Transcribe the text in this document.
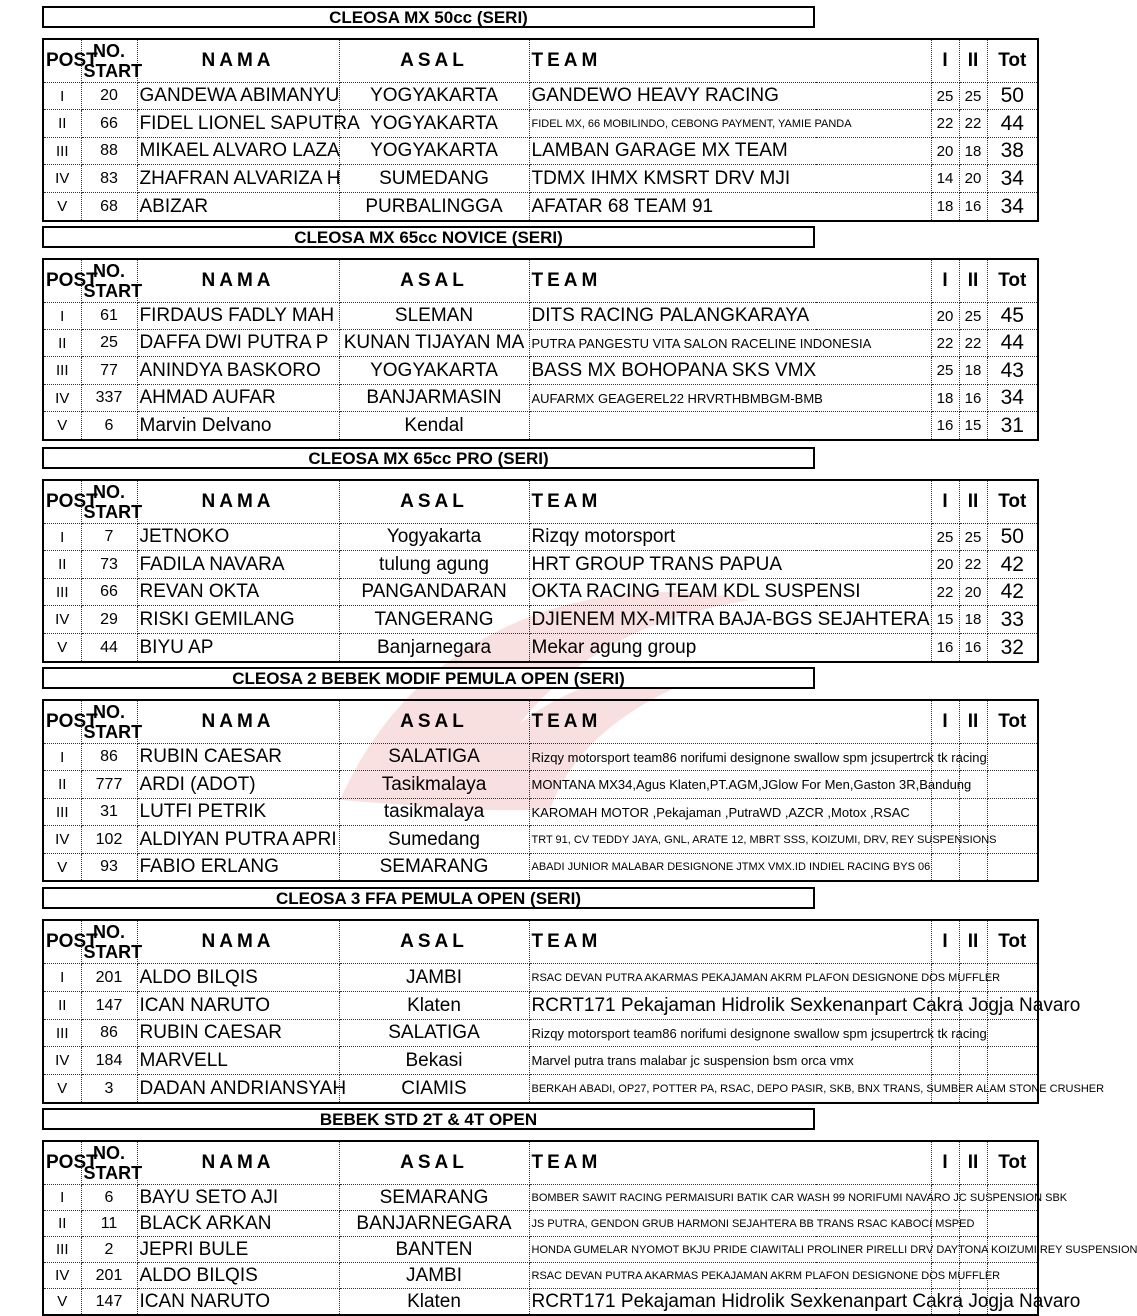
CLEOSA MX 50cc (SERI)
POST	NO.
START	NAMA	ASAL	TEAM	I	II	Tot
I	20	GANDEWA ABIMANYU	YOGYAKARTA	GANDEWO HEAVY RACING	25	25	50
II	66	FIDEL LIONEL SAPUTRA	YOGYAKARTA	FIDEL MX, 66 MOBILINDO, CEBONG PAYMENT, YAMIE PANDA	22	22	44
III	88	MIKAEL ALVARO LAZA	YOGYAKARTA	LAMBAN GARAGE MX TEAM	20	18	38
IV	83	ZHAFRAN ALVARIZA H	SUMEDANG	TDMX IHMX KMSRT DRV MJI	14	20	34
V	68	ABIZAR	PURBALINGGA	AFATAR 68 TEAM 91	18	16	34
CLEOSA MX 65cc NOVICE (SERI)
POST	NO.
START	NAMA	ASAL	TEAM	I	II	Tot
I	61	FIRDAUS FADLY MAH	SLEMAN	DITS RACING PALANGKARAYA	20	25	45
II	25	DAFFA DWI PUTRA P	KUNAN TIJAYAN MA	PUTRA PANGESTU VITA SALON RACELINE INDONESIA	22	22	44
III	77	ANINDYA BASKORO	YOGYAKARTA	BASS MX BOHOPANA SKS VMX	25	18	43
IV	337	AHMAD AUFAR	BANJARMASIN	AUFARMX GEAGEREL22 HRVRTHBMBGM-BMB	18	16	34
V	6	Marvin Delvano	Kendal		16	15	31
CLEOSA MX 65cc PRO (SERI)
POST	NO.
START	NAMA	ASAL	TEAM	I	II	Tot
I	7	JETNOKO	Yogyakarta	Rizqy motorsport	25	25	50
II	73	FADILA NAVARA	tulung agung	HRT GROUP TRANS PAPUA	20	22	42
III	66	REVAN OKTA	PANGANDARAN	OKTA RACING TEAM KDL SUSPENSI	22	20	42
IV	29	RISKI GEMILANG	TANGERANG	DJIENEM MX-MITRA BAJA-BGS SEJAHTERA	15	18	33
V	44	BIYU AP	Banjarnegara	Mekar agung group	16	16	32
CLEOSA 2 BEBEK MODIF PEMULA OPEN (SERI)
POST	NO.
START	NAMA	ASAL	TEAM	I	II	Tot
I	86	RUBIN CAESAR	SALATIGA	Rizqy motorsport team86 norifumi designone swallow spm jcsupertrck tk racing			
II	777	ARDI (ADOT)	Tasikmalaya	MONTANA MX34,Agus Klaten,PT.AGM,JGlow For Men,Gaston 3R,Bandung			
III	31	LUTFI PETRIK	tasikmalaya	KAROMAH MOTOR ,Pekajaman ,PutraWD ,AZCR ,Motox ,RSAC			
IV	102	ALDIYAN PUTRA APRI	Sumedang	TRT 91, CV TEDDY JAYA, GNL, ARATE 12, MBRT SSS, KOIZUMI, DRV, REY SUSPENSIONS			
V	93	FABIO ERLANG	SEMARANG	ABADI JUNIOR MALABAR DESIGNONE JTMX VMX.ID INDIEL RACING BYS 06			
CLEOSA 3 FFA PEMULA OPEN (SERI)
POST	NO.
START	NAMA	ASAL	TEAM	I	II	Tot
I	201	ALDO BILQIS	JAMBI	RSAC DEVAN PUTRA AKARMAS PEKAJAMAN AKRM PLAFON DESIGNONE DOS MUFFLER			
II	147	ICAN NARUTO	Klaten	RCRT171 Pekajaman Hidrolik Sexkenanpart Cakra Jogja Navaro			
III	86	RUBIN CAESAR	SALATIGA	Rizqy motorsport team86 norifumi designone swallow spm jcsupertrck tk racing			
IV	184	MARVELL	Bekasi	Marvel putra trans malabar jc suspension bsm orca vmx			
V	3	DADAN ANDRIANSYAH	CIAMIS	BERKAH ABADI, OP27, POTTER PA, RSAC, DEPO PASIR, SKB, BNX TRANS, SUMBER ALAM STONE CRUSHER			
BEBEK STD 2T & 4T OPEN
POST	NO.
START	NAMA	ASAL	TEAM	I	II	Tot
I	6	BAYU SETO AJI	SEMARANG	BOMBER SAWIT RACING PERMAISURI BATIK CAR WASH 99 NORIFUMI NAVARO JC SUSPENSION SBK			
II	11	BLACK ARKAN	BANJARNEGARA	JS PUTRA, GENDON GRUB HARMONI SEJAHTERA BB TRANS RSAC KABOCI MSPED			
III	2	JEPRI BULE	BANTEN	HONDA GUMELAR NYOMOT BKJU PRIDE CIAWITALI PROLINER PIRELLI DRV DAYTONA KOIZUMI REY SUSPENSION			
IV	201	ALDO BILQIS	JAMBI	RSAC DEVAN PUTRA AKARMAS PEKAJAMAN AKRM PLAFON DESIGNONE DOS MUFFLER			
V	147	ICAN NARUTO	Klaten	RCRT171 Pekajaman Hidrolik Sexkenanpart Cakra Jogja Navaro			
